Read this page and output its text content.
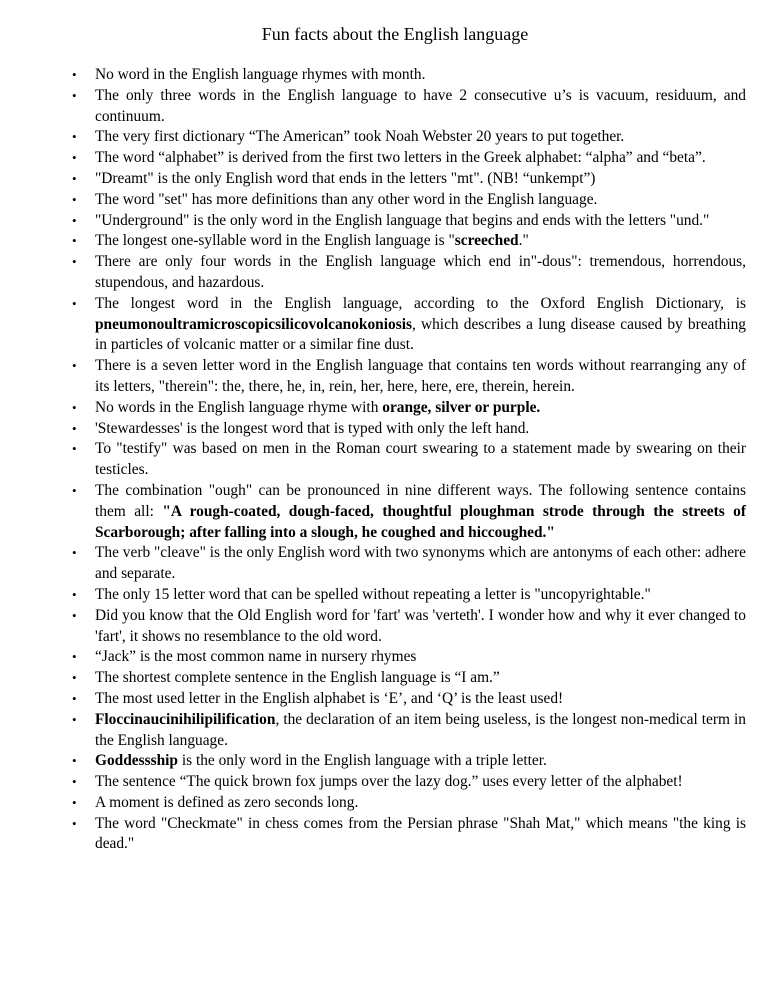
Fun facts about the English language
•	No word in the English language rhymes with month.
•	The only three words in the English language to have 2 consecutive u’s is vacuum, residuum, and continuum.
•	The very first dictionary “The American” took Noah Webster 20 years to put together.
•	The word “alphabet” is derived from the first two letters in the Greek alphabet: “alpha” and “beta”.
•	"Dreamt" is the only English word that ends in the letters "mt". (NB! “unkempt”)
•	The word "set" has more definitions than any other word in the English language.
•	"Underground" is the only word in the English language that begins and ends with the letters "und."
•	The longest one-syllable word in the English language is "screeched."
•	There are only four words in the English language which end in"-dous": tremendous, horrendous, stupendous, and hazardous.
•	The longest word in the English language, according to the Oxford English Dictionary, is pneumonoultramicroscopicsilicovolcanokoniosis, which describes a lung disease caused by breathing in particles of volcanic matter or a similar fine dust.
•	There is a seven letter word in the English language that contains ten words without rearranging any of its letters, "therein": the, there, he, in, rein, her, here, here, ere, therein, herein.
•	No words in the English language rhyme with orange, silver or purple.
•	'Stewardesses' is the longest word that is typed with only the left hand.
•	To "testify" was based on men in the Roman court swearing to a statement made by swearing on their testicles.
•	The combination "ough" can be pronounced in nine different ways. The following sentence contains them all: "A rough-coated, dough-faced, thoughtful ploughman strode through the streets of Scarborough; after falling into a slough, he coughed and hiccoughed."
•	The verb "cleave" is the only English word with two synonyms which are antonyms of each other: adhere and separate.
•	The only 15 letter word that can be spelled without repeating a letter is "uncopyrightable."
•	Did you know that the Old English word for 'fart' was 'verteth'. I wonder how and why it ever changed to 'fart', it shows no resemblance to the old word.
•	“Jack” is the most common name in nursery rhymes
•	The shortest complete sentence in the English language is “I am.”
•	The most used letter in the English alphabet is ‘E’, and ‘Q’ is the least used!
•	Floccinaucinihilipilification, the declaration of an item being useless, is the longest non-medical term in the English language.
•	Goddessship is the only word in the English language with a triple letter.
•	The sentence “The quick brown fox jumps over the lazy dog.” uses every letter of the alphabet!
•	A moment is defined as zero seconds long.
•	The word "Checkmate" in chess comes from the Persian phrase "Shah Mat," which means "the king is dead."
